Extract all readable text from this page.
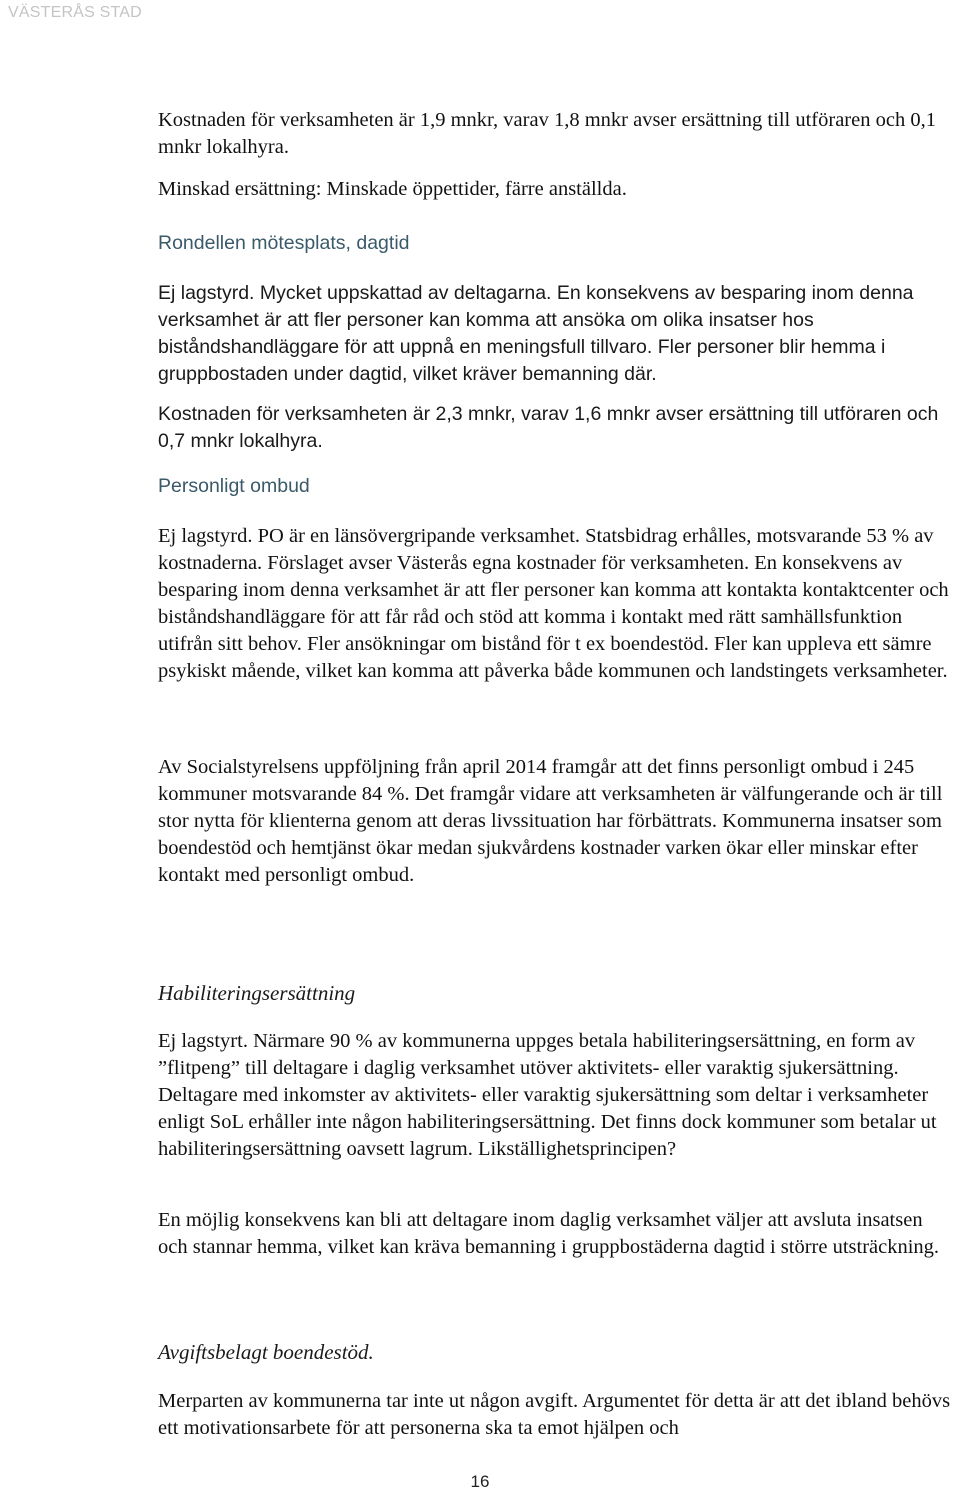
VÄSTERÅS STAD

Kostnaden för verksamheten är 1,9 mnkr, varav 1,8 mnkr avser ersättning till utföraren och 0,1 mnkr lokalhyra.

Minskad ersättning: Minskade öppettider, färre anställda.

Rondellen mötesplats, dagtid

Ej lagstyrd. Mycket uppskattad av deltagarna. En konsekvens av besparing inom denna verksamhet är att fler personer kan komma att ansöka om olika insatser hos biståndshandläggare för att uppnå en meningsfull tillvaro. Fler personer blir hemma i gruppbostaden under dagtid, vilket kräver bemanning där.

Kostnaden för verksamheten är 2,3 mnkr, varav 1,6 mnkr avser ersättning till utföraren och 0,7 mnkr lokalhyra.

Personligt ombud

Ej lagstyrd. PO är en länsövergripande verksamhet. Statsbidrag erhålles, motsvarande 53 % av kostnaderna. Förslaget avser Västerås egna kostnader för verksamheten. En konsekvens av besparing inom denna verksamhet är att fler personer kan komma att kontakta kontaktcenter och biståndshandläggare för att får råd och stöd att komma i kontakt med rätt samhällsfunktion utifrån sitt behov. Fler ansökningar om bistånd för t ex boendestöd. Fler kan uppleva ett sämre psykiskt mående, vilket kan komma att påverka både kommunen och landstingets verksamheter.

Av Socialstyrelsens uppföljning från april 2014 framgår att det finns personligt ombud i 245 kommuner motsvarande 84 %. Det framgår vidare att verksamheten är välfungerande och är till stor nytta för klienterna genom att deras livssituation har förbättrats. Kommunerna insatser som boendestöd och hemtjänst ökar medan sjukvårdens kostnader varken ökar eller minskar efter kontakt med personligt ombud.

Habiliteringsersättning

Ej lagstyrt. Närmare 90 % av kommunerna uppges betala habiliteringsersättning, en form av ”flitpeng” till deltagare i daglig verksamhet utöver aktivitets- eller varaktig sjukersättning. Deltagare med inkomster av aktivitets- eller varaktig sjukersättning som deltar i verksamheter enligt SoL erhåller inte någon habiliteringsersättning. Det finns dock kommuner som betalar ut habiliteringsersättning oavsett lagrum. Likställighetsprincipen?

En möjlig konsekvens kan bli att deltagare inom daglig verksamhet väljer att avsluta insatsen och stannar hemma, vilket kan kräva bemanning i gruppbostäderna dagtid i större utsträckning.

Avgiftsbelagt boendestöd.

Merparten av kommunerna tar inte ut någon avgift. Argumentet för detta är att det ibland behövs ett motivationsarbete för att personerna ska ta emot hjälpen och

16
